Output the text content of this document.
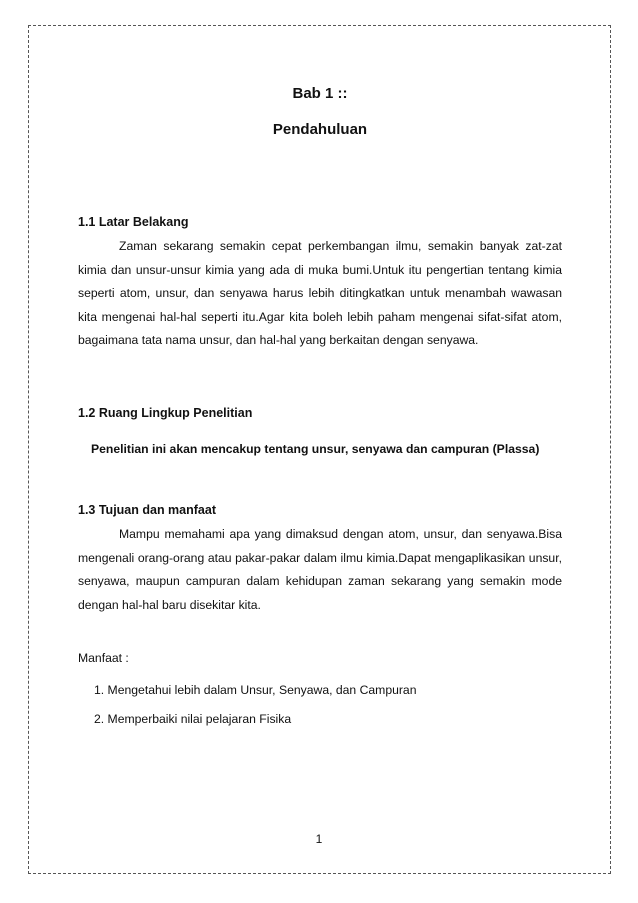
Bab 1 ::
Pendahuluan
1.1 Latar Belakang
Zaman sekarang semakin cepat perkembangan ilmu, semakin banyak zat-zat kimia dan unsur-unsur kimia yang ada di muka bumi.Untuk itu pengertian tentang kimia seperti atom, unsur, dan senyawa harus lebih ditingkatkan untuk menambah wawasan kita mengenai hal-hal seperti itu.Agar kita boleh lebih paham mengenai sifat-sifat atom, bagaimana tata nama unsur, dan hal-hal yang berkaitan dengan senyawa.
1.2 Ruang Lingkup Penelitian
Penelitian ini akan mencakup tentang unsur, senyawa dan campuran (Plassa)
1.3 Tujuan dan manfaat
Mampu memahami apa yang dimaksud dengan atom, unsur, dan senyawa.Bisa mengenali orang-orang atau pakar-pakar dalam ilmu kimia.Dapat mengaplikasikan unsur, senyawa, maupun campuran dalam kehidupan zaman sekarang yang semakin mode dengan hal-hal baru disekitar kita.
Manfaat :
1. Mengetahui lebih dalam Unsur, Senyawa, dan Campuran
2. Memperbaiki nilai pelajaran Fisika
1
